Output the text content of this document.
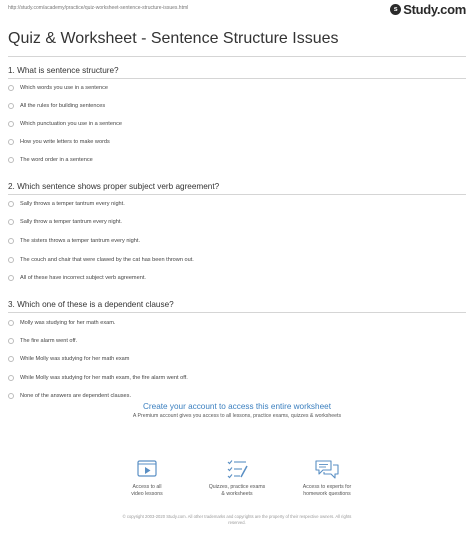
http://study.com/academy/practice/quiz-worksheet-sentence-structure-issues.html	s Study.com
Quiz & Worksheet - Sentence Structure Issues
1. What is sentence structure?
Which words you use in a sentence
All the rules for building sentences
Which punctuation you use in a sentence
How you write letters to make words
The word order in a sentence
2. Which sentence shows proper subject verb agreement?
Sally throws a temper tantrum every night.
Sally throw a temper tantrum every night.
The sisters throws a temper tantrum every night.
The couch and chair that were clawed by the cat has been thrown out.
All of these have incorrect subject verb agreement.
3. Which one of these is a dependent clause?
Molly was studying for her math exam.
The fire alarm went off.
While Molly was studying for her math exam
While Molly was studying for her math exam, the fire alarm went off.
None of the answers are dependent clauses.
Create your account to access this entire worksheet
A Premium account gives you access to all lessons, practice exams, quizzes & worksheets
Access to all
video lessons
Quizzes, practice exams
& worksheets
Access to experts for
homework questions
© copyright 2003-2020 Study.com. All other trademarks and copyrights are the property of their respective owners. All rights
reserved.
